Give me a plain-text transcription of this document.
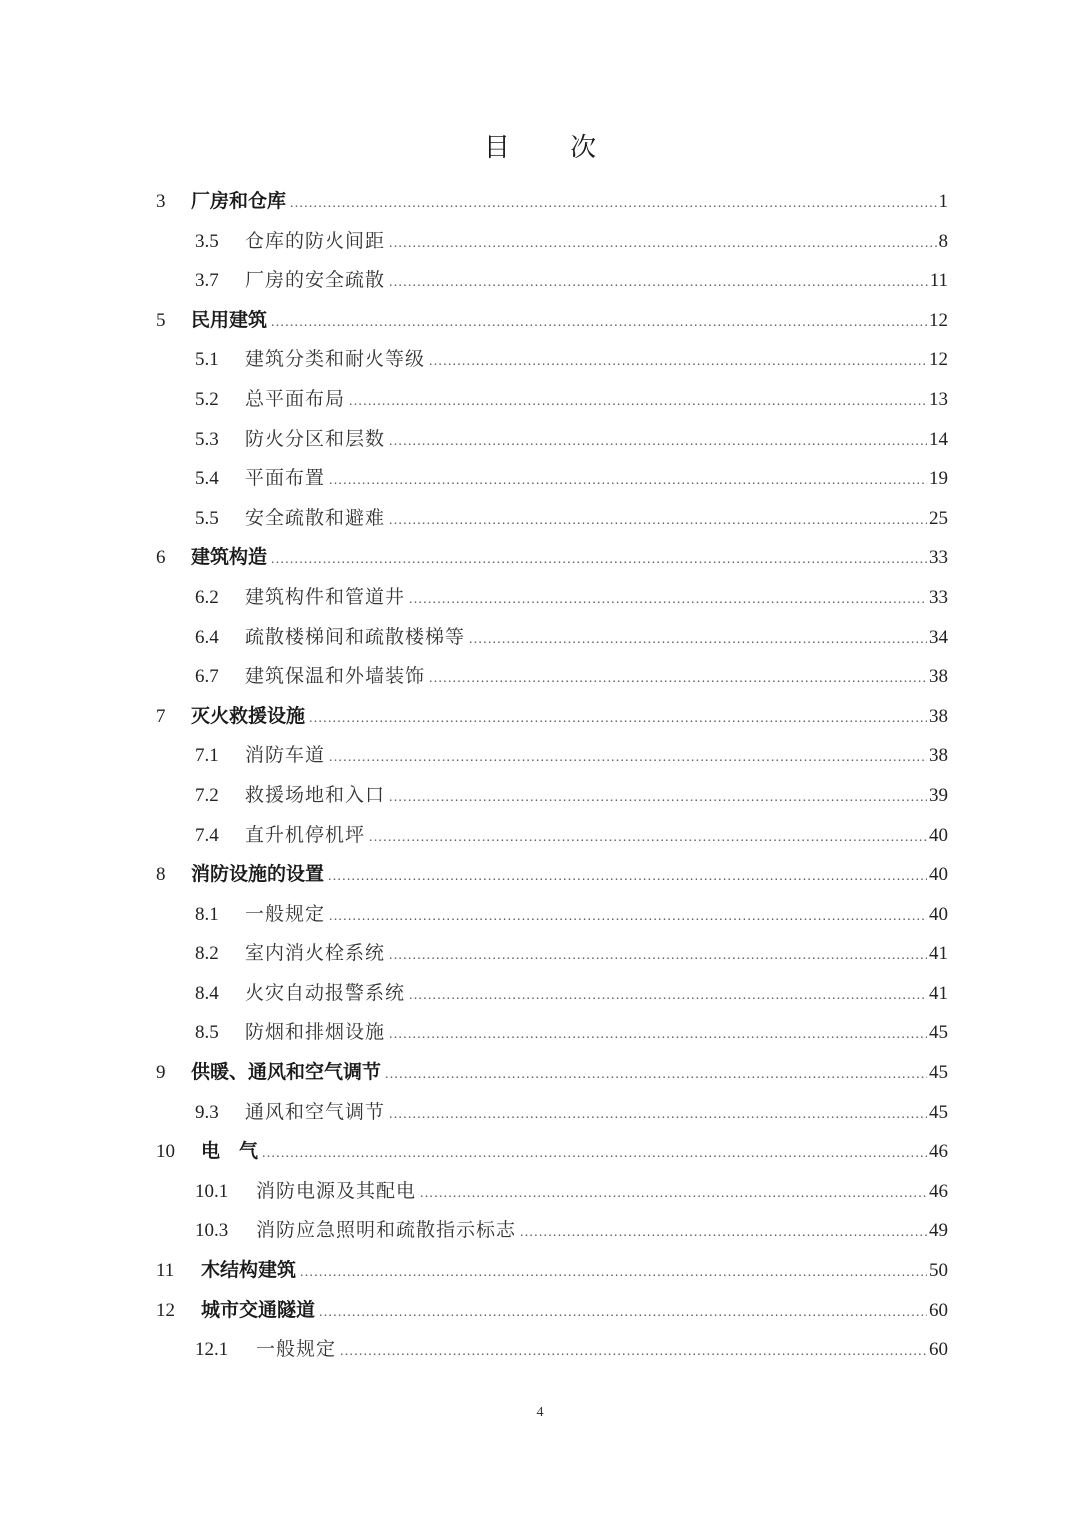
目 次
3	厂房和仓库 .....	1
3.5	仓库的防火间距 .....	8
3.7	厂房的安全疏散 .....	11
5	民用建筑 .....	12
5.1	建筑分类和耐火等级 .....	12
5.2	总平面布局 .....	13
5.3	防火分区和层数 .....	14
5.4	平面布置 .....	19
5.5	安全疏散和避难 .....	25
6	建筑构造 .....	33
6.2	建筑构件和管道井 .....	33
6.4	疏散楼梯间和疏散楼梯等 .....	34
6.7	建筑保温和外墙装饰 .....	38
7	灭火救援设施 .....	38
7.1	消防车道 .....	38
7.2	救援场地和入口 .....	39
7.4	直升机停机坪 .....	40
8	消防设施的设置 .....	40
8.1	一般规定 .....	40
8.2	室内消火栓系统 .....	41
8.4	火灾自动报警系统 .....	41
8.5	防烟和排烟设施 .....	45
9	供暖、通风和空气调节 .....	45
9.3	通风和空气调节 .....	45
10	电　气 .....	46
10.1	消防电源及其配电 .....	46
10.3	消防应急照明和疏散指示标志 .....	49
11	木结构建筑 .....	50
12	城市交通隧道 .....	60
12.1	一般规定 .....	60
4
